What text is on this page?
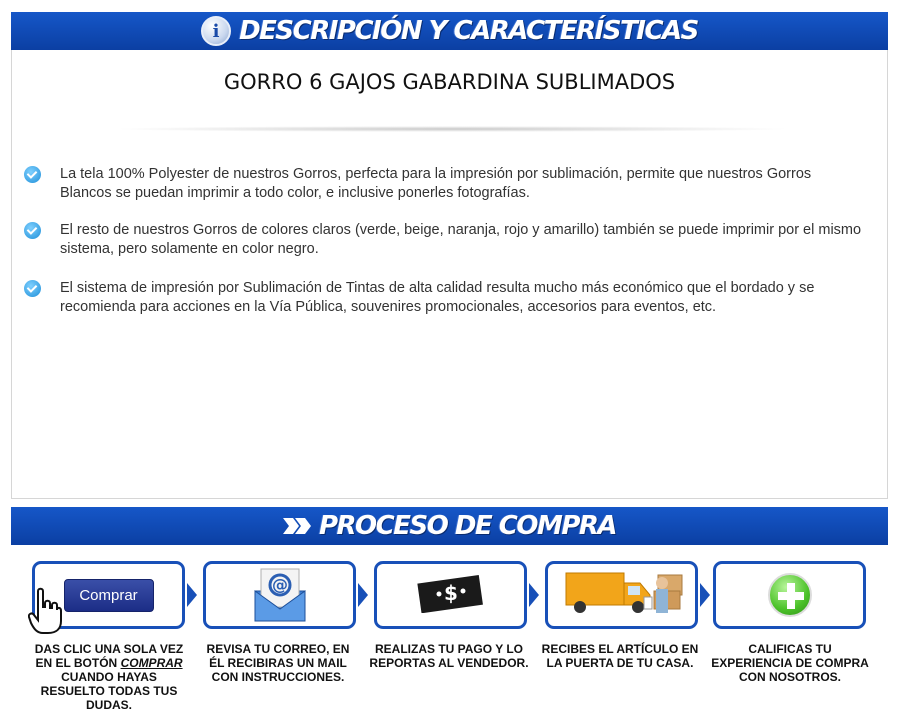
i DESCRIPCIÓN Y CARACTERÍSTICAS
GORRO 6 GAJOS GABARDINA SUBLIMADOS
La tela 100% Polyester de nuestros Gorros, perfecta para la impresión por sublimación, permite que nuestros Gorros Blancos se puedan imprimir a todo color, e inclusive ponerles fotografías.
El resto de nuestros Gorros de colores claros (verde, beige, naranja, rojo y amarillo) también se puede imprimir por el mismo sistema, pero solamente en color negro.
El sistema de impresión por Sublimación de Tintas de alta calidad resulta mucho más económico que el bordado y se recomienda para acciones en la Vía Pública, souvenires promocionales, accesorios para eventos, etc.
PROCESO DE COMPRA
Comprar
@	$
DAS CLIC UNA SOLA VEZ EN EL BOTÓN COMPRAR CUANDO HAYAS RESUELTO TODAS TUS DUDAS.
REVISA TU CORREO, EN ÉL RECIBIRAS UN MAIL CON INSTRUCCIONES.
REALIZAS TU PAGO Y LO REPORTAS AL VENDEDOR.
RECIBES EL ARTÍCULO EN LA PUERTA DE TU CASA.
CALIFICAS TU EXPERIENCIA DE COMPRA CON NOSOTROS.
